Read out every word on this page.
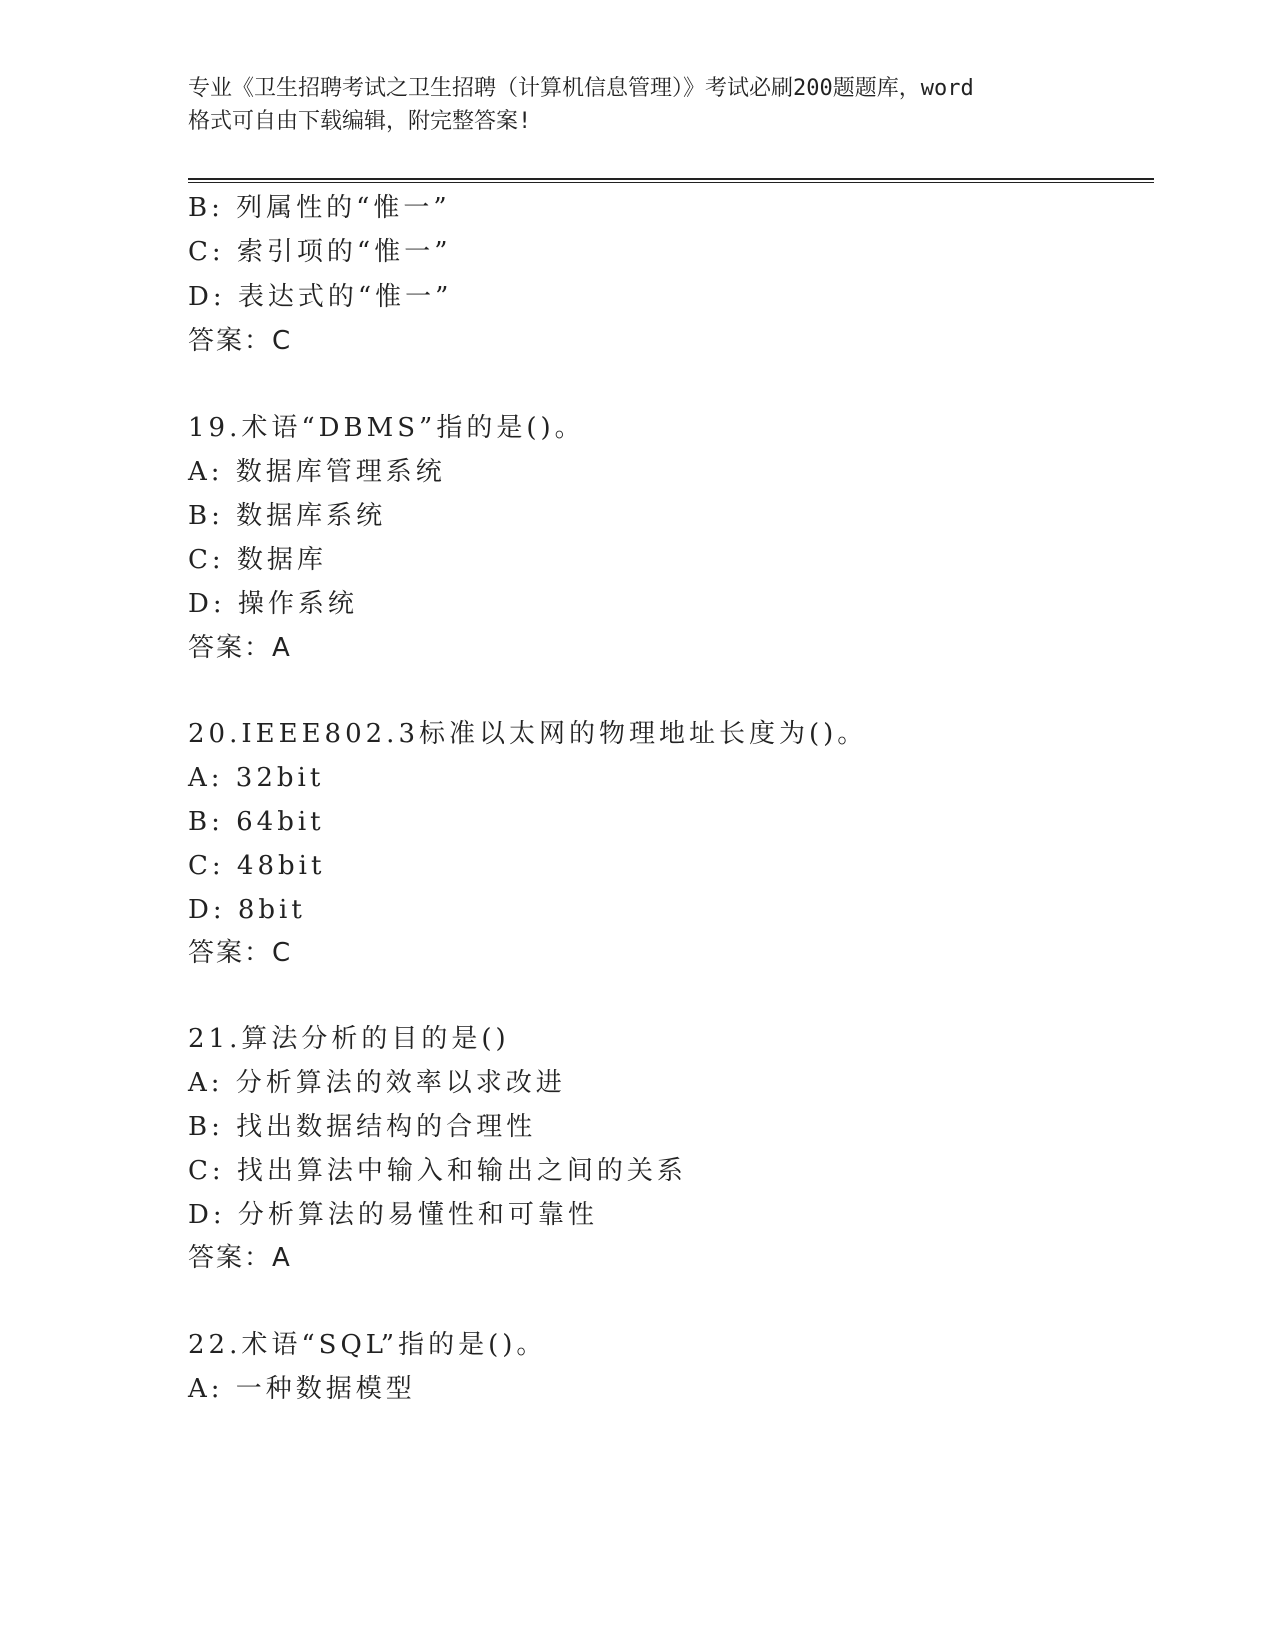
专业《卫生招聘考试之卫生招聘（计算机信息管理）》考试必刷200题题库，word
格式可自由下载编辑，附完整答案!
B: 列属性的“惟一”
C: 索引项的“惟一”
D: 表达式的“惟一”
答案：C
19.术语“DBMS”指的是()。
A: 数据库管理系统
B: 数据库系统
C: 数据库
D: 操作系统
答案：A
20.IEEE802.3标准以太网的物理地址长度为()。
A: 32bit
B: 64bit
C: 48bit
D: 8bit
答案：C
21.算法分析的目的是()
A: 分析算法的效率以求改进
B: 找出数据结构的合理性
C: 找出算法中输入和输出之间的关系
D: 分析算法的易懂性和可靠性
答案：A
22.术语“SQL”指的是()。
A: 一种数据模型
